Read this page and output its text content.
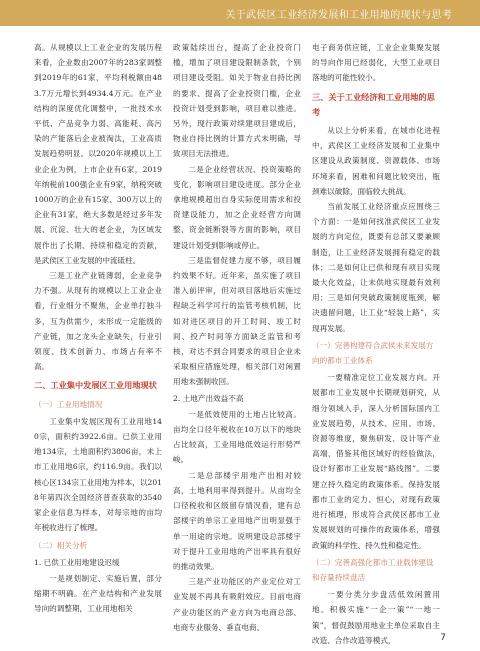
关于武侯区工业经济发展和工业用地的现状与思考

高。从规模以上工业企业的发展历程来看，企业数由2007年的283家调整到2019年的61家，平均利税额由483.7万元增长到4934.4万元。在产业结构的深度优化调整中，一批技术水平低、产品竞争力弱、高能耗、高污染的产能落后企业被淘汰，工业高质发展趋势明显。以2020年规模以上工业企业为例，上市企业有6家，2019年纳税前100强企业有9家，纳税突破1000万的企业有15家、300万以上的企业有31家，绝大多数是经过多年发展、沉淀、壮大的老企业，为区域发展作出了长期、持续和稳定的贡献，是武侯区工业发展的中流砥柱。

三是工业产业链薄弱，企业竞争力不强。从现有的规模以上工业企业看，行业细分不聚焦，企业单打独斗多，互为供需少，未形成一定能级的产业链，加之龙头企业缺失，行业引领度、技术创新力、市场占有率不高。

二、工业集中发展区工业用地现状
（一）工业用地情况

工业集中发展区现有工业用地140宗，面积约3922.6亩。已供工业用地134宗，土地面积约3806亩，未上市工业用地6宗，约116.9亩。我们以核心区134宗工业用地为样本，以2018年第四次全国经济普查获取的3540家企业信息为样本，对每宗地的亩均年税收进行了梳理。

（二）相关分析
1. 已供工业用地建设迟缓

一是规划制定、实施后置，部分缩期不明确。在产业结构和产业发展导向的调整期，工业用地相关

政策陆续出台，提高了企业投资门槛，增加了项目建设限制条款，个别项目建设受阻。如关于物业自持比例的要求、提高了企业投资门槛，企业投资计划受到影响，项目难以推进。另外，现行政策对续建项目建成后，物业自持比例的计算方式未明确，导致项目无法推进。

二是企业经营状况、投资策略的变化，影响项目建设进度。部分企业拿地规模超出自身实际使用需求和投资建设能力，加之企业经营方向调整、资金链断裂等方面的影响，项目建设计划受到影响或停止。

三是监督促建力度不够，项目履约效果不好。近年来，虽实施了项目准入前评审，但对项目落地后实施过程缺乏科学可行的监管考核机制，比如对进区项目的开工时间、竣工时间、投产时间等方面缺乏监管和考核，对达不到合同要求的项目企业未采取相应措施处理，相关部门对闲置用地未强制收回。

2. 土地产出效益不高

一是低效使用的土地占比较高。亩均全口径年税收在10万以下的地块占比较高，工业用地低效运行形势严峻。

二是总部楼宇用地产出相对较高，土地利用率得到提升。从亩均全口径税收和区级留存情况看，建有总部楼宇的单宗工业用地产出明显强于单一用途的宗地。说明建设总部楼宇对于提升工业用地的产出率具有很好的推动效果。

三是产业功能区的产业定位对工业发展不再具有吸附效应。目前电商产业功能区的产业方向为电商总部、电商专业服务、垂直电商、

电子商务供应链，工业企业集聚发展的导向作用已经弱化，大型工业项目落地的可能性较小。

三、关于工业经济和工业用地的思考

从以上分析来看，在城市化进程中，武侯区工业经济发展和工业集中区建设从政策制度、资源载体、市场环境来看，困难和问题比较突出，瓶颈难以破除，面临较大挑战。

当前发展工业经济重点应围绕三个方面：一是如何找准武侯区工业发展的方向定位，既要有总部又要兼顾制造，让工业经济发展拥有稳定的载体；二是如何让已供和现有项目实现最大化效益，让未供地实现最有效利用；三是如何突破政策制度瓶颈，解决遗留问题，让工业“轻装上路”，实现再发展。

（一）完善构建符合武侯未来发展方向的都市工业体系

一要精准定位工业发展方向。开展都市工业发展中长期规划研究，从细分领域入手，深入分析国际国内工业发展趋势，从技术、应用、市场、资源等维度，聚焦研发、设计等产业高端，借鉴其他区域好的经验做法，设计好都市工业发展“路线图”。二要建立持久稳定的政策体系。保持发展都市工业的定力、恒心，对现有政策进行梳理，形成符合武侯区都市工业发展规划的可操作的政策体系，增强政策的科学性、持久性和稳定性。

（二）完善高强化都市工业载体建设和存量持续盘活

一要分类分步盘活低效闲置用地。积极实施“一企一策”“一地一策”，督促鼓励用地业主单位采取自主改造、合作改造等模式，	7
